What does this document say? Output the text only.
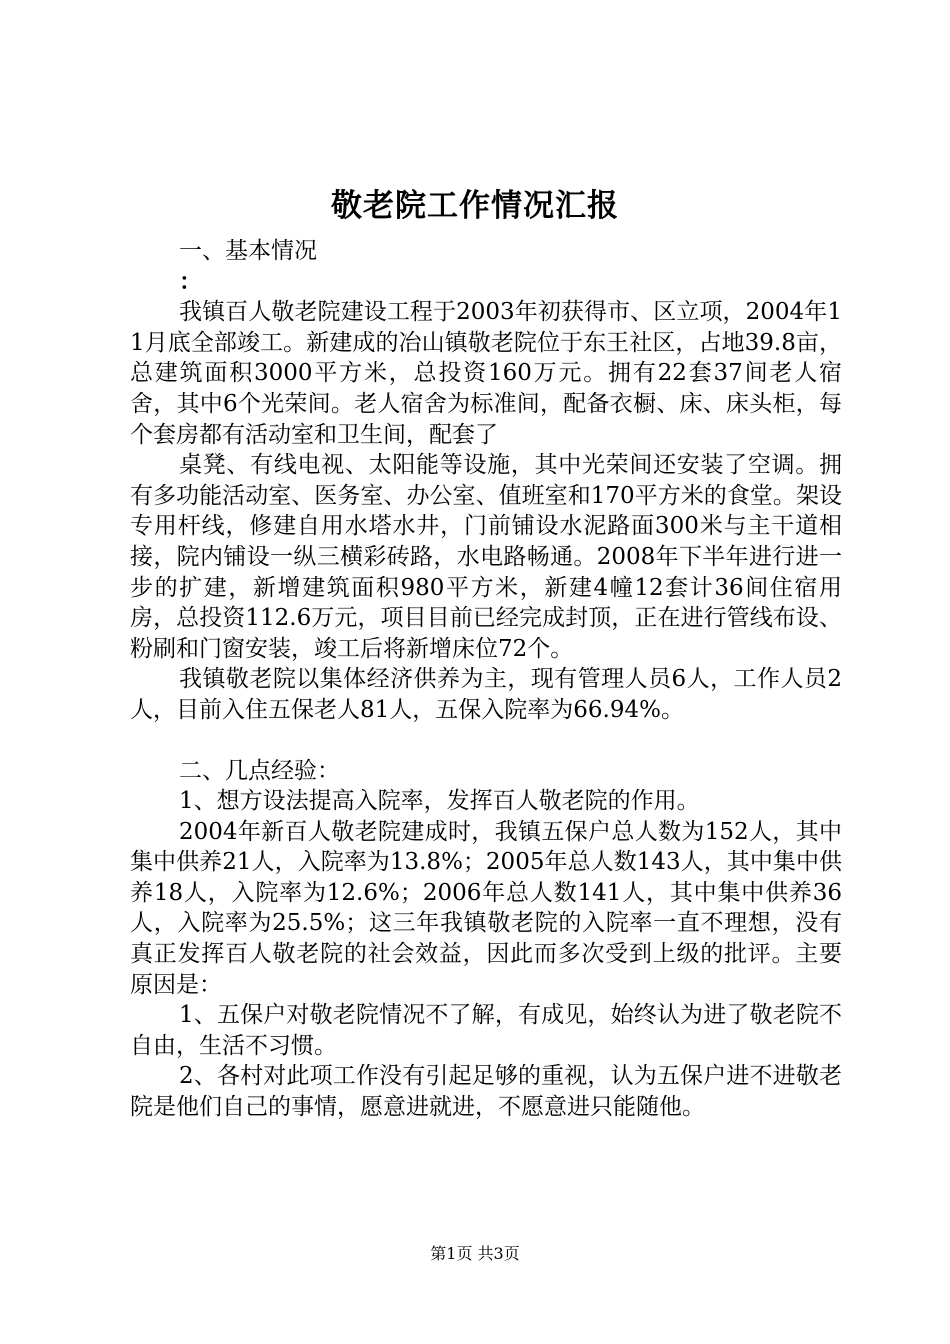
敬老院工作情况汇报

一、基本情况

：

我镇百人敬老院建设工程于2003年初获得市、区立项，2004年11月底全部竣工。新建成的冶山镇敬老院位于东王社区，占地39.8亩，总建筑面积3000平方米，总投资160万元。拥有22套37间老人宿舍，其中6个光荣间。老人宿舍为标准间，配备衣橱、床、床头柜，每个套房都有活动室和卫生间，配套了

桌凳、有线电视、太阳能等设施，其中光荣间还安装了空调。拥有多功能活动室、医务室、办公室、值班室和170平方米的食堂。架设专用杆线，修建自用水塔水井，门前铺设水泥路面300米与主干道相接，院内铺设一纵三横彩砖路，水电路畅通。2008年下半年进行进一步的扩建，新增建筑面积980平方米，新建4幢12套计36间住宿用房，总投资112.6万元，项目目前已经完成封顶，正在进行管线布设、粉刷和门窗安装，竣工后将新增床位72个。

我镇敬老院以集体经济供养为主，现有管理人员6人，工作人员2人，目前入住五保老人81人，五保入院率为66.94%。

二、几点经验：

1、想方设法提高入院率，发挥百人敬老院的作用。

2004年新百人敬老院建成时，我镇五保户总人数为152人，其中集中供养21人，入院率为13.8%；2005年总人数143人，其中集中供养18人，入院率为12.6%；2006年总人数141人，其中集中供养36人，入院率为25.5%；这三年我镇敬老院的入院率一直不理想，没有真正发挥百人敬老院的社会效益，因此而多次受到上级的批评。主要原因是：

1、五保户对敬老院情况不了解，有成见，始终认为进了敬老院不自由，生活不习惯。

2、各村对此项工作没有引起足够的重视，认为五保户进不进敬老院是他们自己的事情，愿意进就进，不愿意进只能随他。

第1页 共3页
